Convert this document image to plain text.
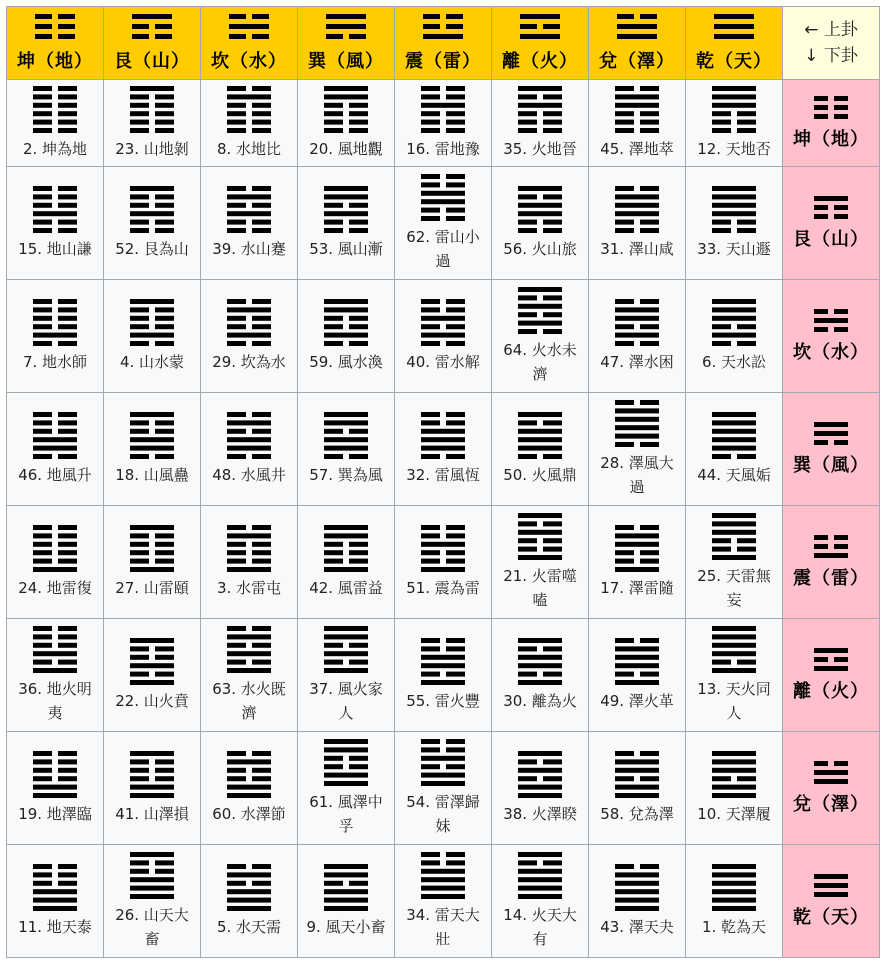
坤（地）	艮（山）	坎（水）	巽（風）	震（雷）	離（火）	兌（澤）	乾（天）	← 上卦
↓ 下卦

2. 坤為地	23. 山地剝	8. 水地比	20. 風地觀	16. 雷地豫	35. 火地晉	45. 澤地萃	12. 天地否	坤（地）

15. 地山謙	52. 艮為山	39. 水山蹇	53. 風山漸	62. 雷山小過	56. 火山旅	31. 澤山咸	33. 天山遯	艮（山）

7. 地水師	4. 山水蒙	29. 坎為水	59. 風水渙	40. 雷水解	64. 火水未濟	47. 澤水困	6. 天水訟	坎（水）

46. 地風升	18. 山風蠱	48. 水風井	57. 巽為風	32. 雷風恆	50. 火風鼎	28. 澤風大過	44. 天風姤	巽（風）

24. 地雷復	27. 山雷頤	3. 水雷屯	42. 風雷益	51. 震為雷	21. 火雷噬嗑	17. 澤雷隨	25. 天雷無妄	震（雷）

36. 地火明夷	22. 山火賁	63. 水火既濟	37. 風火家人	55. 雷火豐	30. 離為火	49. 澤火革	13. 天火同人	離（火）

19. 地澤臨	41. 山澤損	60. 水澤節	61. 風澤中孚	54. 雷澤歸妹	38. 火澤睽	58. 兌為澤	10. 天澤履	兌（澤）

11. 地天泰	26. 山天大畜	5. 水天需	9. 風天小畜	34. 雷天大壯	14. 火天大有	43. 澤天夬	1. 乾為天	乾（天）
